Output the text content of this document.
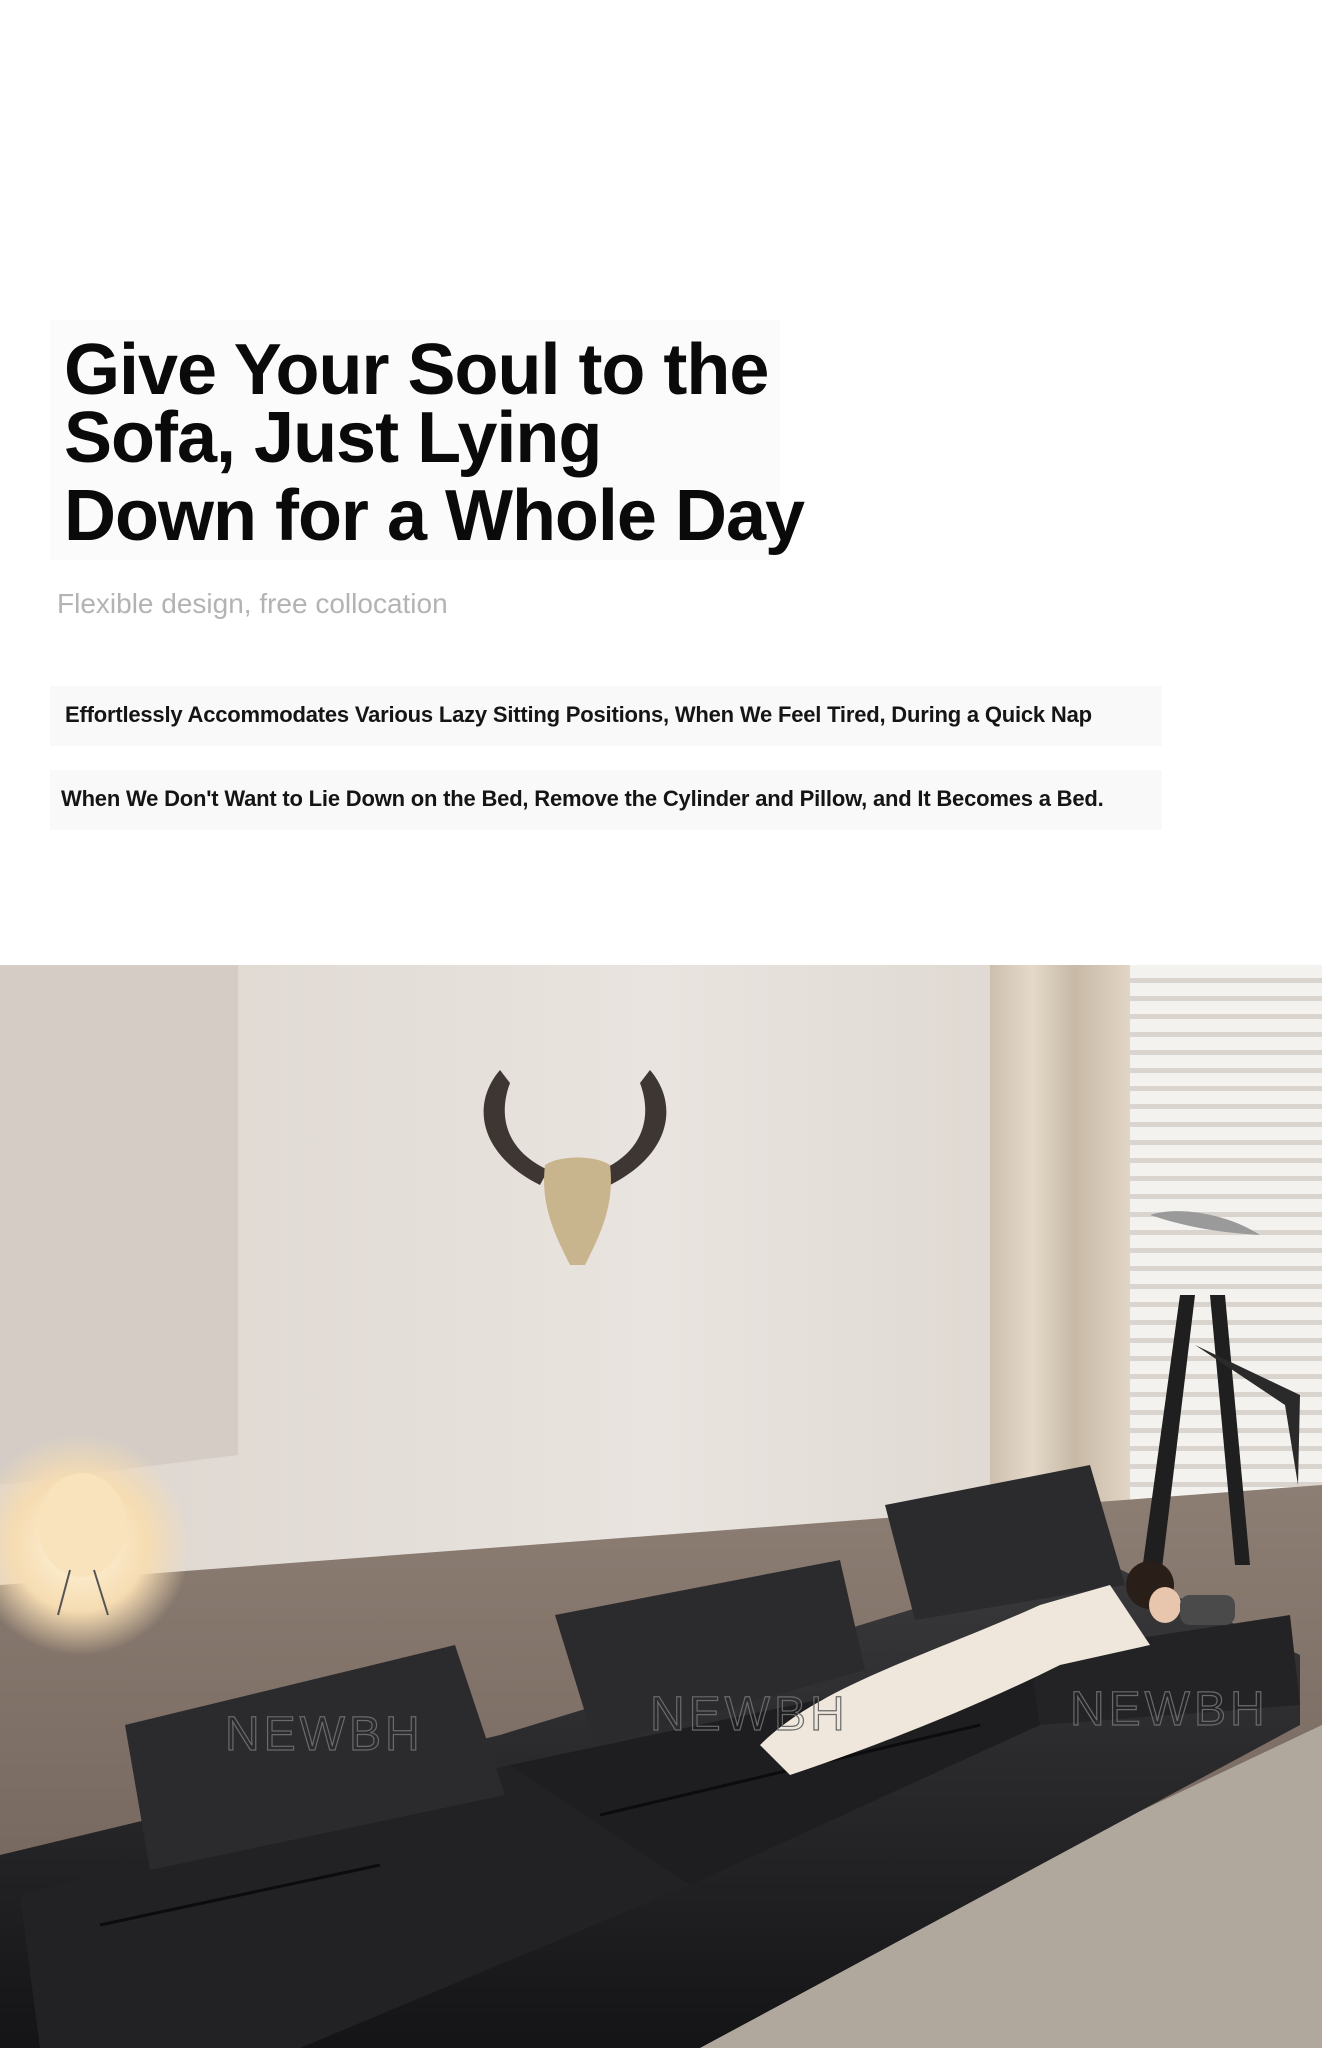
Give Your Soul to the
Sofa, Just Lying
Down for a Whole Day

Flexible design, free collocation

Effortlessly Accommodates Various Lazy Sitting Positions, When We Feel Tired, During a Quick Nap

When We Don't Want to Lie Down on the Bed, Remove the Cylinder and Pillow, and It Becomes a Bed.

NEWBH	NEWBH	NEWBH
